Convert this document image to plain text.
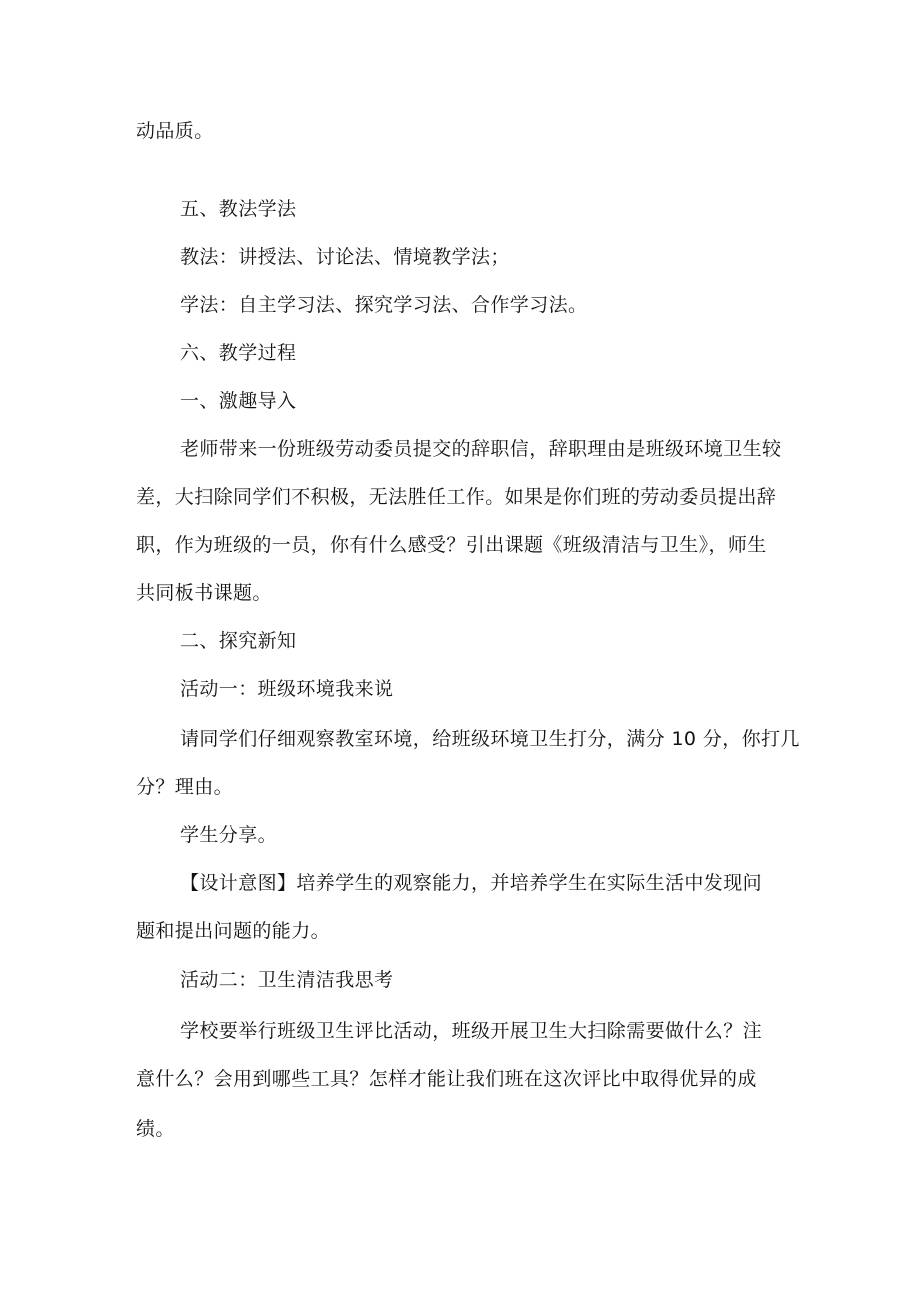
动品质。
五、教法学法
教法：讲授法、讨论法、情境教学法；
学法：自主学习法、探究学习法、合作学习法。
六、教学过程
一、激趣导入
老师带来一份班级劳动委员提交的辞职信，辞职理由是班级环境卫生较
差，大扫除同学们不积极，无法胜任工作。如果是你们班的劳动委员提出辞
职，作为班级的一员，你有什么感受？引出课题《班级清洁与卫生》，师生
共同板书课题。
二、探究新知
活动一：班级环境我来说
请同学们仔细观察教室环境，给班级环境卫生打分，满分 10 分，你打几
分？理由。
学生分享。
【设计意图】培养学生的观察能力，并培养学生在实际生活中发现问
题和提出问题的能力。
活动二：卫生清洁我思考
学校要举行班级卫生评比活动，班级开展卫生大扫除需要做什么？注
意什么？会用到哪些工具？怎样才能让我们班在这次评比中取得优异的成
绩。
